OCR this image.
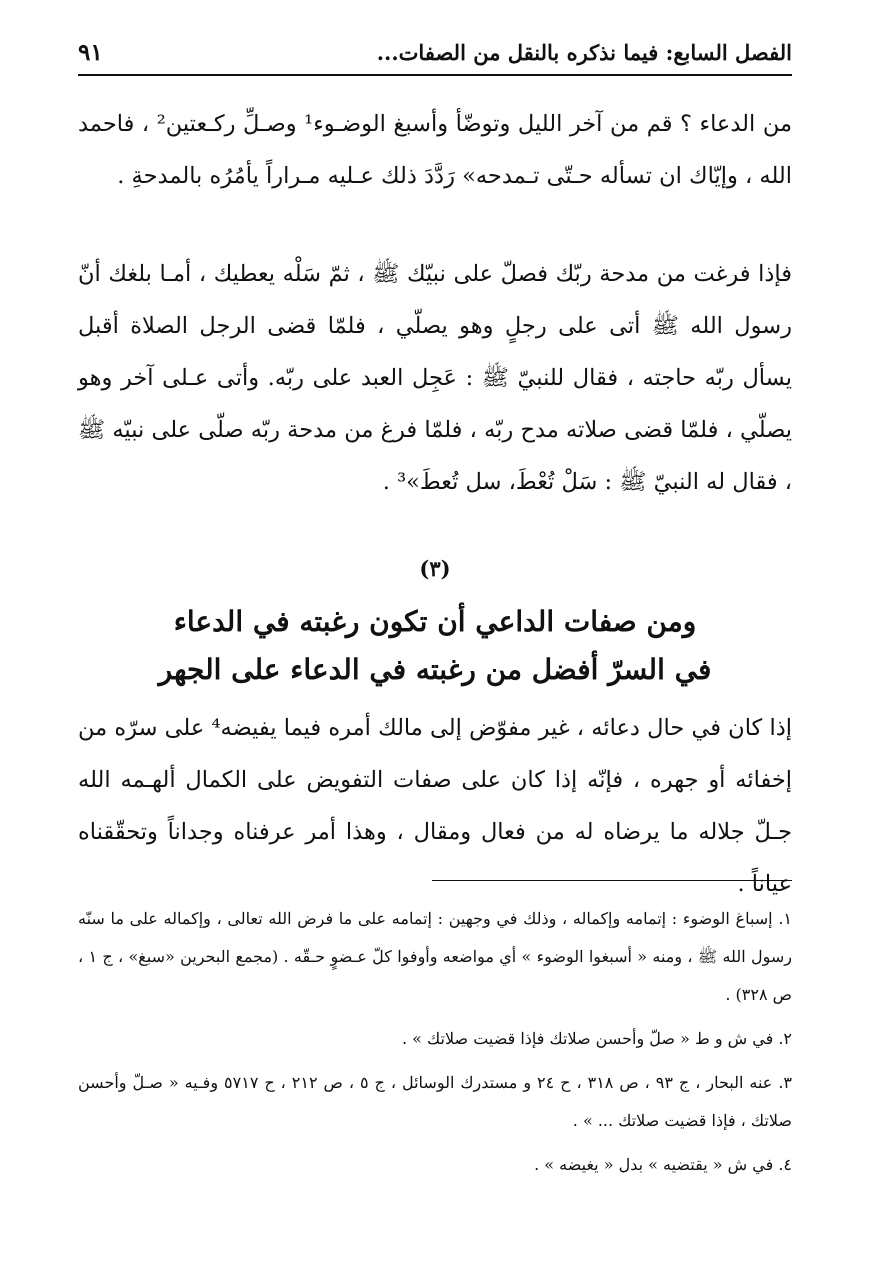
الفصل السابع: فيما نذكره بالنقل من الصفات...
٩١

من الدعاء ؟ قم من آخر الليل وتوضّأ وأسبغ الوضـوء¹ وصـلِّ ركـعتين² ، فاحمد الله ، وإيّاك ان تسأله حـتّى تـمدحه» رَدَّدَ ذلك عـليه مـراراً يأمُرُه بالمدحةِ .

فإذا فرغت من مدحة ربّك فصلّ على نبيّك ﷺ ، ثمّ سَلْه يعطيك ، أمـا بلغك أنّ رسول الله ﷺ أتى على رجلٍ وهو يصلّي ، فلمّا قضى الرجل الصلاة أقبل يسأل ربّه حاجته ، فقال للنبيّ ﷺ : عَجِل العبد على ربّه. وأتى عـلى آخر وهو يصلّي ، فلمّا قضى صلاته مدح ربّه ، فلمّا فرغ من مدحة ربّه صلّى على نبيّه ﷺ ، فقال له النبيّ ﷺ : سَلْ تُعْطَ، سل تُعطَ»³ .

(٣)
ومن صفات الداعي أن تكون رغبته في الدعاء
في السرّ أفضل من رغبته في الدعاء على الجهر

إذا كان في حال دعائه ، غير مفوّض إلى مالك أمره فيما يفيضه⁴ على سرّه من إخفائه أو جهره ، فإنّه إذا كان على صفات التفويض على الكمال ألهـمه الله جـلّ جلاله ما يرضاه له من فعال ومقال ، وهذا أمر عرفناه وجداناً وتحقّقناه عياناً .

١. إسباغ الوضوء : إتمامه وإكماله ، وذلك في وجهين : إتمامه على ما فرض الله تعالى ، وإكماله على ما سنّه رسول الله ﷺ ، ومنه « أسبغوا الوضوء » أي مواضعه وأوفوا كلّ عـضوٍ حـقّه . (مجمع البحرين «سبغ» ، ج ١ ، ص ٣٢٨) .

٢. في ش و ط « صلّ وأحسن صلاتك فإذا قضيت صلاتك » .

٣. عنه البحار ، ج ٩٣ ، ص ٣١٨ ، ح ٢٤ و مستدرك الوسائل ، ج ٥ ، ص ٢١٢ ، ح ٥٧١٧ وفـيه « صـلّ وأحسن صلاتك ، فإذا قضيت صلاتك ... » .

٤. في ش « يقتضيه » بدل « يغيضه » .
